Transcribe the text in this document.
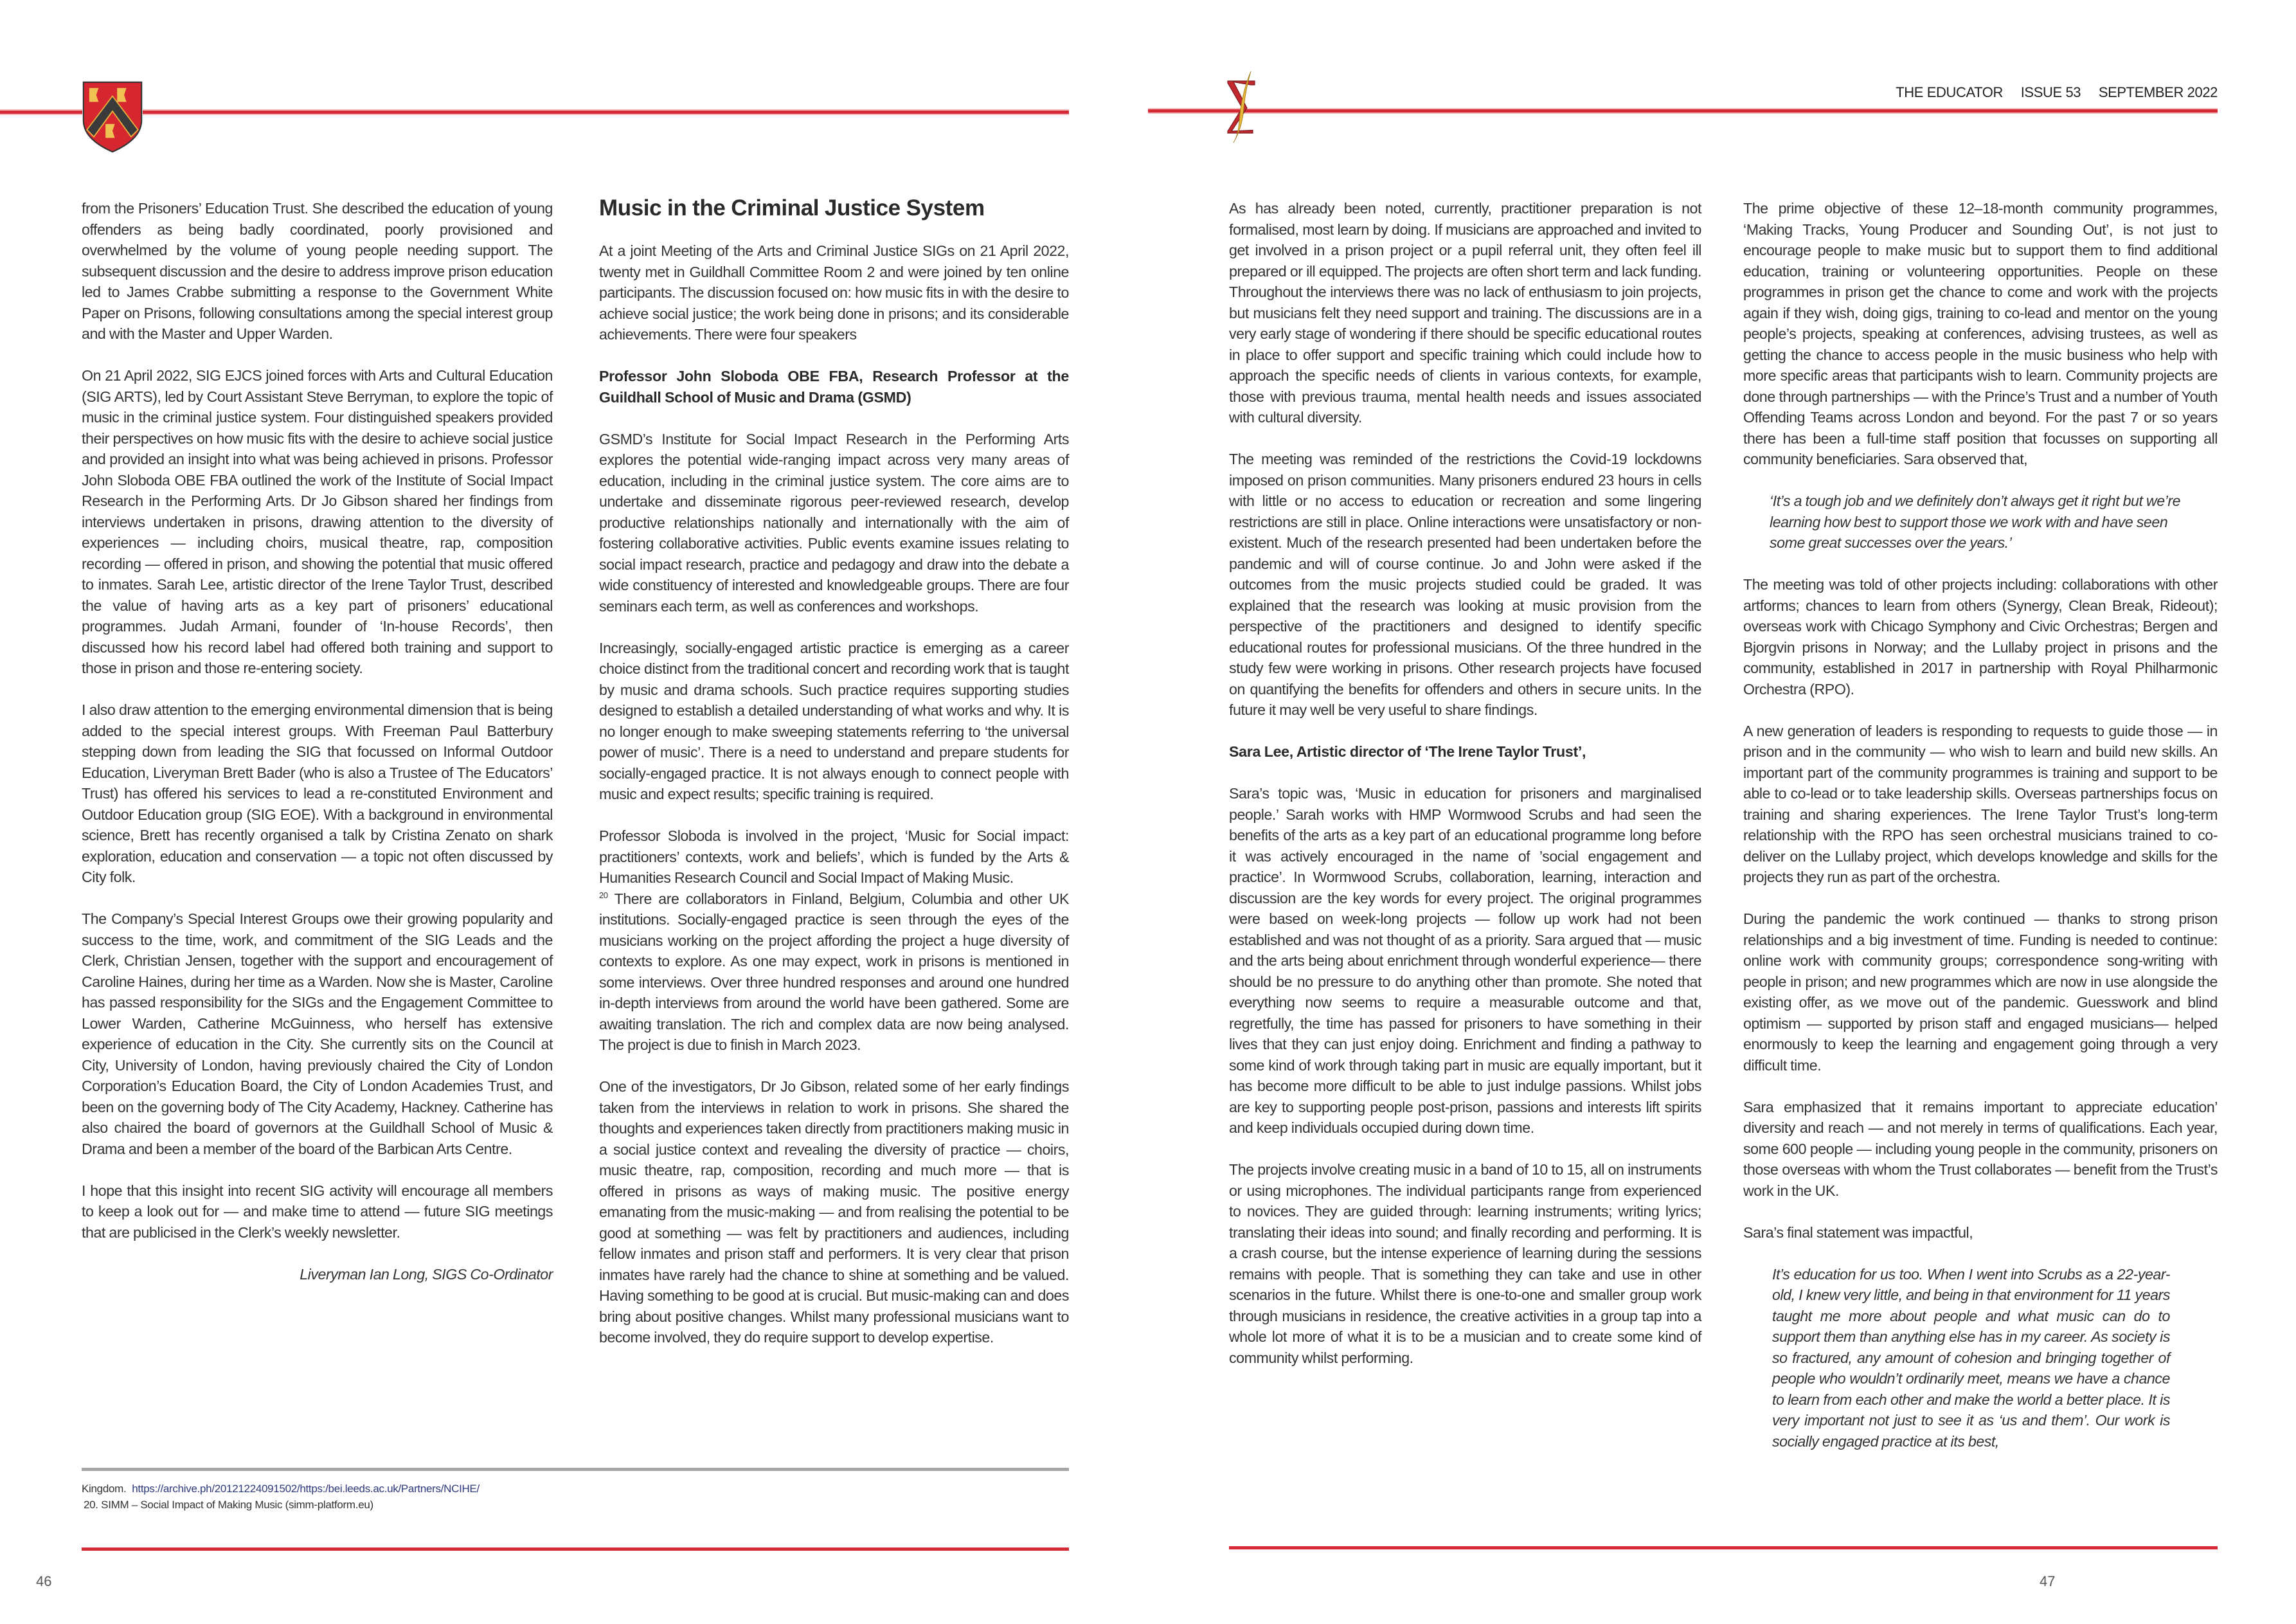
THE EDUCATOR ISSUE 53 SEPTEMBER 2022

from the Prisoners’ Education Trust. She described the education of young offenders as being badly coordinated, poorly provisioned and overwhelmed by the volume of young people needing support. The subsequent discussion and the desire to address improve prison education led to James Crabbe submitting a response to the Government White Paper on Prisons, following consultations among the special interest group and with the Master and Upper Warden.

On 21 April 2022, SIG EJCS joined forces with Arts and Cultural Education (SIG ARTS), led by Court Assistant Steve Berryman, to explore the topic of music in the criminal justice system. Four distinguished speakers provided their perspectives on how music fits with the desire to achieve social justice and provided an insight into what was being achieved in prisons. Professor John Sloboda OBE FBA outlined the work of the Institute of Social Impact Research in the Performing Arts. Dr Jo Gibson shared her findings from interviews undertaken in prisons, drawing attention to the diversity of experiences — including choirs, musical theatre, rap, composition recording — offered in prison, and showing the potential that music offered to inmates. Sarah Lee, artistic director of the Irene Taylor Trust, described the value of having arts as a key part of prisoners’ educational programmes. Judah Armani, founder of ‘In-house Records’, then discussed how his record label had offered both training and support to those in prison and those re-entering society.

I also draw attention to the emerging environmental dimension that is being added to the special interest groups. With Freeman Paul Batterbury stepping down from leading the SIG that focussed on Informal Outdoor Education, Liveryman Brett Bader (who is also a Trustee of The Educators’ Trust) has offered his services to lead a re-constituted Environment and Outdoor Education group (SIG EOE). With a background in environmental science, Brett has recently organised a talk by Cristina Zenato on shark exploration, education and conservation — a topic not often discussed by City folk.

The Company’s Special Interest Groups owe their growing popularity and success to the time, work, and commitment of the SIG Leads and the Clerk, Christian Jensen, together with the support and encouragement of Caroline Haines, during her time as a Warden. Now she is Master, Caroline has passed responsibility for the SIGs and the Engagement Committee to Lower Warden, Catherine McGuinness, who herself has extensive experience of education in the City. She currently sits on the Council at City, University of London, having previously chaired the City of London Corporation’s Education Board, the City of London Academies Trust, and been on the governing body of The City Academy, Hackney. Catherine has also chaired the board of governors at the Guildhall School of Music & Drama and been a member of the board of the Barbican Arts Centre.

I hope that this insight into recent SIG activity will encourage all members to keep a look out for — and make time to attend — future SIG meetings that are publicised in the Clerk’s weekly newsletter.

Liveryman Ian Long, SIGS Co-Ordinator

Music in the Criminal Justice System

At a joint Meeting of the Arts and Criminal Justice SIGs on 21 April 2022, twenty met in Guildhall Committee Room 2 and were joined by ten online participants. The discussion focused on: how music fits in with the desire to achieve social justice; the work being done in prisons; and its considerable achievements. There were four speakers

Professor John Sloboda OBE FBA, Research Professor at the Guildhall School of Music and Drama (GSMD)

GSMD’s Institute for Social Impact Research in the Performing Arts explores the potential wide-ranging impact across very many areas of education, including in the criminal justice system. The core aims are to undertake and disseminate rigorous peer-reviewed research, develop productive relationships nationally and internationally with the aim of fostering collaborative activities. Public events examine issues relating to social impact research, practice and pedagogy and draw into the debate a wide constituency of interested and knowledgeable groups. There are four seminars each term, as well as conferences and workshops.

Increasingly, socially-engaged artistic practice is emerging as a career choice distinct from the traditional concert and recording work that is taught by music and drama schools. Such practice requires supporting studies designed to establish a detailed understanding of what works and why. It is no longer enough to make sweeping statements referring to ‘the universal power of music’. There is a need to understand and prepare students for socially-engaged practice. It is not always enough to connect people with music and expect results; specific training is required.

Professor Sloboda is involved in the project, ‘Music for Social impact: practitioners’ contexts, work and beliefs’, which is funded by the Arts & Humanities Research Council and Social Impact of Making Music.
$^{20}$ There are collaborators in Finland, Belgium, Columbia and other UK institutions. Socially-engaged practice is seen through the eyes of the musicians working on the project affording the project a huge diversity of contexts to explore. As one may expect, work in prisons is mentioned in some interviews. Over three hundred responses and around one hundred in-depth interviews from around the world have been gathered. Some are awaiting translation. The rich and complex data are now being analysed. The project is due to finish in March 2023.

One of the investigators, Dr Jo Gibson, related some of her early findings taken from the interviews in relation to work in prisons. She shared the thoughts and experiences taken directly from practitioners making music in a social justice context and revealing the diversity of practice — choirs, music theatre, rap, composition, recording and much more — that is offered in prisons as ways of making music. The positive energy emanating from the music-making — and from realising the potential to be good at something — was felt by practitioners and audiences, including fellow inmates and prison staff and performers. It is very clear that prison inmates have rarely had the chance to shine at something and be valued. Having something to be good at is crucial. But music-making can and does bring about positive changes. Whilst many professional musicians want to become involved, they do require support to develop expertise.

Kingdom. https://archive.ph/20121224091502/https:/bei.leeds.ac.uk/Partners/NCIHE/
20. SIMM – Social Impact of Making Music (simm-platform.eu)
46

As has already been noted, currently, practitioner preparation is not formalised, most learn by doing. If musicians are approached and invited to get involved in a prison project or a pupil referral unit, they often feel ill prepared or ill equipped. The projects are often short term and lack funding. Throughout the interviews there was no lack of enthusiasm to join projects, but musicians felt they need support and training. The discussions are in a very early stage of wondering if there should be specific educational routes in place to offer support and specific training which could include how to approach the specific needs of clients in various contexts, for example, those with previous trauma, mental health needs and issues associated with cultural diversity.

The meeting was reminded of the restrictions the Covid-19 lockdowns imposed on prison communities. Many prisoners endured 23 hours in cells with little or no access to education or recreation and some lingering restrictions are still in place. Online interactions were unsatisfactory or non-existent. Much of the research presented had been undertaken before the pandemic and will of course continue. Jo and John were asked if the outcomes from the music projects studied could be graded. It was explained that the research was looking at music provision from the perspective of the practitioners and designed to identify specific educational routes for professional musicians. Of the three hundred in the study few were working in prisons. Other research projects have focused on quantifying the benefits for offenders and others in secure units. In the future it may well be very useful to share findings.

Sara Lee, Artistic director of ‘The Irene Taylor Trust’,

Sara’s topic was, ‘Music in education for prisoners and marginalised people.’ Sarah works with HMP Wormwood Scrubs and had seen the benefits of the arts as a key part of an educational programme long before it was actively encouraged in the name of ’social engagement and practice’. In Wormwood Scrubs, collaboration, learning, interaction and discussion are the key words for every project. The original programmes were based on week-long projects — follow up work had not been established and was not thought of as a priority. Sara argued that — music and the arts being about enrichment through wonderful experience— there should be no pressure to do anything other than promote. She noted that everything now seems to require a measurable outcome and that, regretfully, the time has passed for prisoners to have something in their lives that they can just enjoy doing. Enrichment and finding a pathway to some kind of work through taking part in music are equally important, but it has become more difficult to be able to just indulge passions. Whilst jobs are key to supporting people post-prison, passions and interests lift spirits and keep individuals occupied during down time.

The projects involve creating music in a band of 10 to 15, all on instruments or using microphones. The individual participants range from experienced to novices. They are guided through: learning instruments; writing lyrics; translating their ideas into sound; and finally recording and performing. It is a crash course, but the intense experience of learning during the sessions remains with people. That is something they can take and use in other scenarios in the future. Whilst there is one-to-one and smaller group work through musicians in residence, the creative activities in a group tap into a whole lot more of what it is to be a musician and to create some kind of community whilst performing.

The prime objective of these 12–18-month community programmes, ‘Making Tracks, Young Producer and Sounding Out’, is not just to encourage people to make music but to support them to find additional education, training or volunteering opportunities. People on these programmes in prison get the chance to come and work with the projects again if they wish, doing gigs, training to co-lead and mentor on the young people’s projects, speaking at conferences, advising trustees, as well as getting the chance to access people in the music business who help with more specific areas that participants wish to learn. Community projects are done through partnerships — with the Prince’s Trust and a number of Youth Offending Teams across London and beyond. For the past 7 or so years there has been a full-time staff position that focusses on supporting all community beneficiaries. Sara observed that,

‘It’s a tough job and we definitely don’t always get it right but we’re learning how best to support those we work with and have seen some great successes over the years.’

The meeting was told of other projects including: collaborations with other artforms; chances to learn from others (Synergy, Clean Break, Rideout); overseas work with Chicago Symphony and Civic Orchestras; Bergen and Bjorgvin prisons in Norway; and the Lullaby project in prisons and the community, established in 2017 in partnership with Royal Philharmonic Orchestra (RPO).

A new generation of leaders is responding to requests to guide those — in prison and in the community — who wish to learn and build new skills. An important part of the community programmes is training and support to be able to co-lead or to take leadership skills. Overseas partnerships focus on training and sharing experiences. The Irene Taylor Trust’s long-term relationship with the RPO has seen orchestral musicians trained to co-deliver on the Lullaby project, which develops knowledge and skills for the projects they run as part of the orchestra.

During the pandemic the work continued — thanks to strong prison relationships and a big investment of time. Funding is needed to continue: online work with community groups; correspondence song-writing with people in prison; and new programmes which are now in use alongside the existing offer, as we move out of the pandemic. Guesswork and blind optimism — supported by prison staff and engaged musicians— helped enormously to keep the learning and engagement going through a very difficult time.

Sara emphasized that it remains important to appreciate education’ diversity and reach — and not merely in terms of qualifications. Each year, some 600 people — including young people in the community, prisoners on those overseas with whom the Trust collaborates — benefit from the Trust’s work in the UK.

Sara’s final statement was impactful,

It’s education for us too. When I went into Scrubs as a 22-year-old, I knew very little, and being in that environment for 11 years taught me more about people and what music can do to support them than anything else has in my career. As society is so fractured, any amount of cohesion and bringing together of people who wouldn’t ordinarily meet, means we have a chance to learn from each other and make the world a better place. It is very important not just to see it as ‘us and them’. Our work is socially engaged practice at its best,
47
